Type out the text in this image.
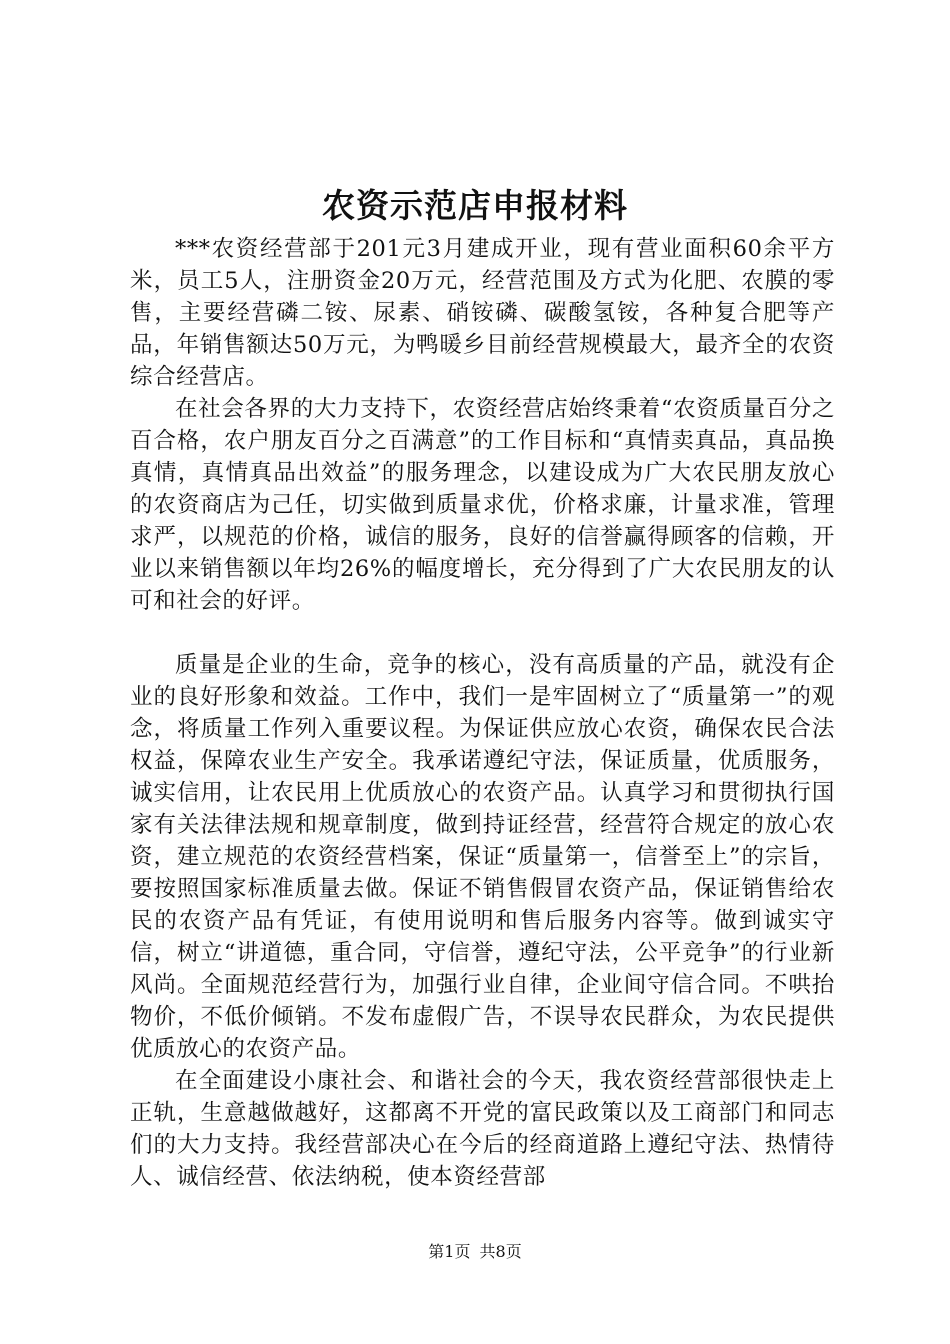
农资示范店申报材料

***农资经营部于201元3月建成开业，现有营业面积60余平方米，员工5人，注册资金20万元，经营范围及方式为化肥、农膜的零售，主要经营磷二铵、尿素、硝铵磷、碳酸氢铵，各种复合肥等产品，年销售额达50万元，为鸭暖乡目前经营规模最大，最齐全的农资综合经营店。

在社会各界的大力支持下，农资经营店始终秉着“农资质量百分之百合格，农户朋友百分之百满意”的工作目标和“真情卖真品，真品换真情，真情真品出效益”的服务理念，以建设成为广大农民朋友放心的农资商店为己任，切实做到质量求优，价格求廉，计量求准，管理求严，以规范的价格，诚信的服务，良好的信誉赢得顾客的信赖，开业以来销售额以年均26%的幅度增长，充分得到了广大农民朋友的认可和社会的好评。

质量是企业的生命，竞争的核心，没有高质量的产品，就没有企业的良好形象和效益。工作中，我们一是牢固树立了“质量第一”的观念，将质量工作列入重要议程。为保证供应放心农资，确保农民合法权益，保障农业生产安全。我承诺遵纪守法，保证质量，优质服务，诚实信用，让农民用上优质放心的农资产品。认真学习和贯彻执行国家有关法律法规和规章制度，做到持证经营，经营符合规定的放心农资，建立规范的农资经营档案，保证“质量第一，信誉至上”的宗旨，要按照国家标准质量去做。保证不销售假冒农资产品，保证销售给农民的农资产品有凭证，有使用说明和售后服务内容等。做到诚实守信，树立“讲道德，重合同，守信誉，遵纪守法，公平竞争”的行业新风尚。全面规范经营行为，加强行业自律，企业间守信合同。不哄抬物价，不低价倾销。不发布虚假广告，不误导农民群众，为农民提供优质放心的农资产品。

在全面建设小康社会、和谐社会的今天，我农资经营部很快走上正轨，生意越做越好，这都离不开党的富民政策以及工商部门和同志们的大力支持。我经营部决心在今后的经商道路上遵纪守法、热情待人、诚信经营、依法纳税，使本资经营部

第1页 共8页
